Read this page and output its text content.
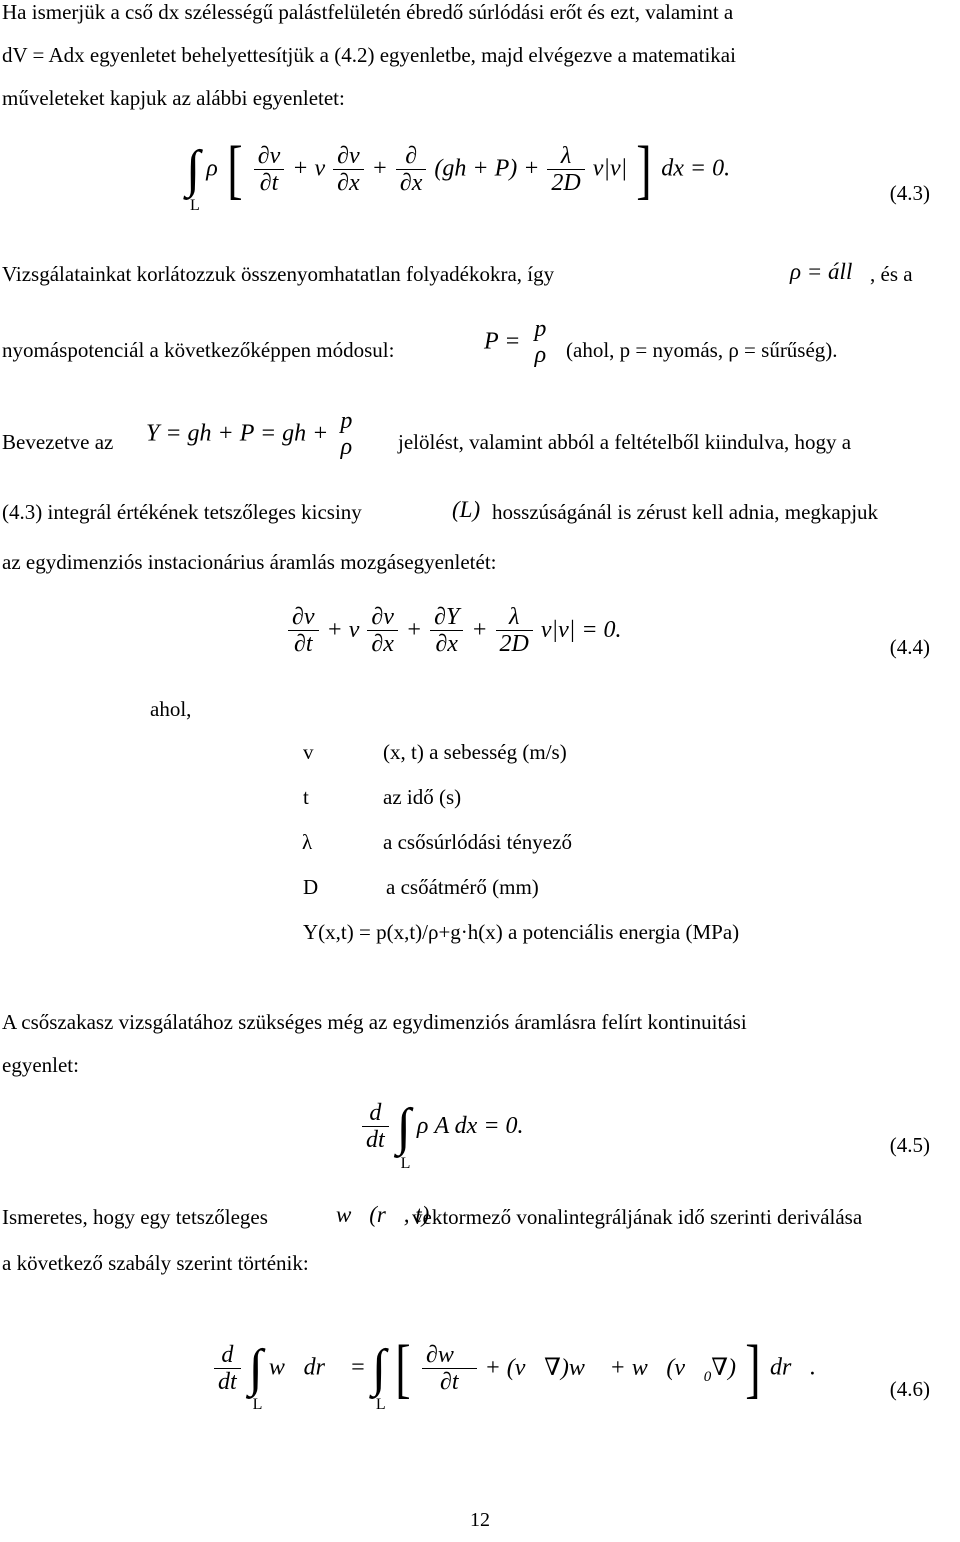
Ha ismerjük a cső dx szélességű palástfelületén ébredő súrlódási erőt és ezt, valamint a
dV = Adx egyenletet behelyettesítjük a (4.2) egyenletbe, majd elvégezve a matematikai
műveleteket kapjuk az alábbi egyenletet:
∫
L
ρ [ $\frac{\partial v}{\partial t} + v \frac{\partial v}{\partial x} + \frac{\partial}{\partial x} (gh + P) + \frac{\lambda}{2D} v|v|$ ] dx = 0.
(4.3)
Vizsgálatainkat korlátozzuk összenyomhatatlan folyadékokra, így	ρ = áll , és a
nyomáspotenciál a következőképpen módosul:	P = p
ρ (ahol, p = nyomás, ρ = sűrűség).
Bevezetve az Y = gh + P = gh + p
ρ jelölést, valamint abból a feltételből kiindulva, hogy a
(4.3) integrál értékének tetszőleges kicsiny	(L) hosszúságánál is zérust kell adnia, megkapjuk
az egydimenziós instacionárius áramlás mozgásegyenletét:
$\frac{\partial v}{\partial t} + v \frac{\partial v}{\partial x} + \frac{\partial Y}{\partial x} + \frac{\lambda}{2D} v|v| = 0$.
(4.4)
ahol,
v	(x, t) a sebesség (m/s)
t	az idő (s)
λ	a csősúrlódási tényező
D	a csőátmérő (mm)
Y(x,t) = p(x,t)/ρ+g·h(x) a potenciális energia (MPa)
A csőszakasz vizsgálatához szükséges még az egydimenziós áramlásra felírt kontinuitási
egyenlet:
$\frac{d}{dt}$ ∫
L
ρ A dx = 0.
(4.5)
Ismeretes, hogy egy tetszőleges	w⃗(r⃗, t)
vektormező vonalintegráljának idő szerinti deriválása
a következő szabály szerint történik:
$\frac{d}{dt}$ ∫
L
w⃗dr⃗ = ∫
L [ $\frac{\partial w⃗}{\partial t}$ + (v⃗∇)w⃗ + $w⃗(v⃗_0\nabla)$ ] dr⃗.
(4.6)
12
